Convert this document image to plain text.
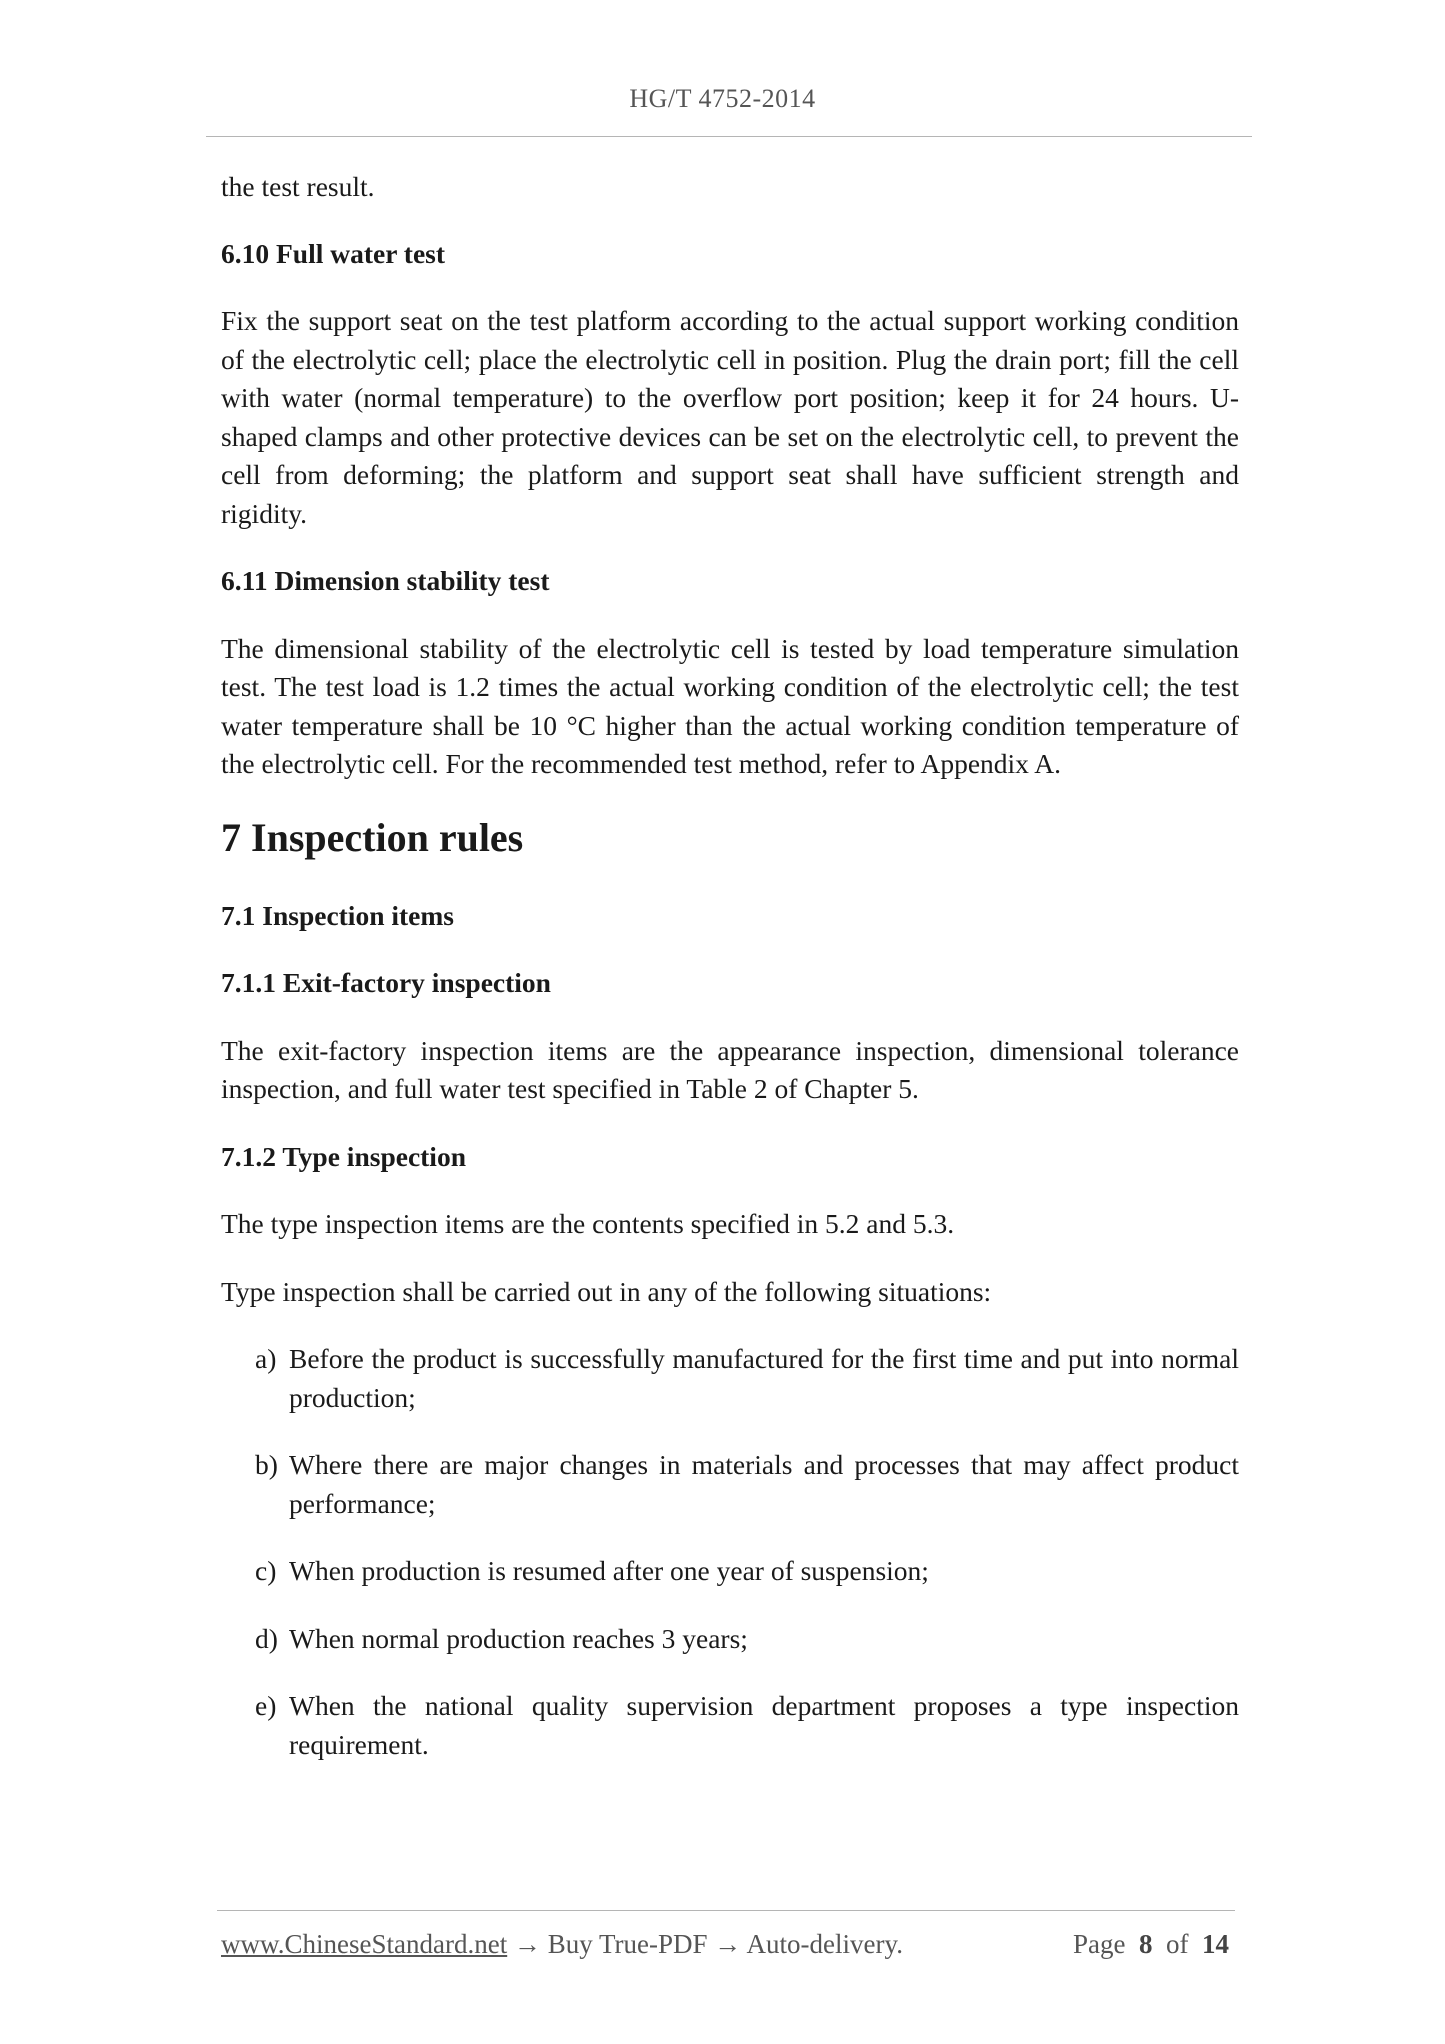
HG/T 4752-2014

the test result.

6.10 Full water test

Fix the support seat on the test platform according to the actual support working condition of the electrolytic cell; place the electrolytic cell in position. Plug the drain port; fill the cell with water (normal temperature) to the overflow port position; keep it for 24 hours. U-shaped clamps and other protective devices can be set on the electrolytic cell, to prevent the cell from deforming; the platform and support seat shall have sufficient strength and rigidity.

6.11 Dimension stability test

The dimensional stability of the electrolytic cell is tested by load temperature simulation test. The test load is 1.2 times the actual working condition of the electrolytic cell; the test water temperature shall be 10 °C higher than the actual working condition temperature of the electrolytic cell. For the recommended test method, refer to Appendix A.

7 Inspection rules
7.1 Inspection items
7.1.1 Exit-factory inspection

The exit-factory inspection items are the appearance inspection, dimensional tolerance inspection, and full water test specified in Table 2 of Chapter 5.

7.1.2 Type inspection

The type inspection items are the contents specified in 5.2 and 5.3.

Type inspection shall be carried out in any of the following situations:

a) Before the product is successfully manufactured for the first time and put into normal production;
b) Where there are major changes in materials and processes that may affect product performance;
c) When production is resumed after one year of suspension;
d) When normal production reaches 3 years;
e) When the national quality supervision department proposes a type inspection requirement.
www.ChineseStandard.net → Buy True-PDF → Auto-delivery.	Page 8 of 14
